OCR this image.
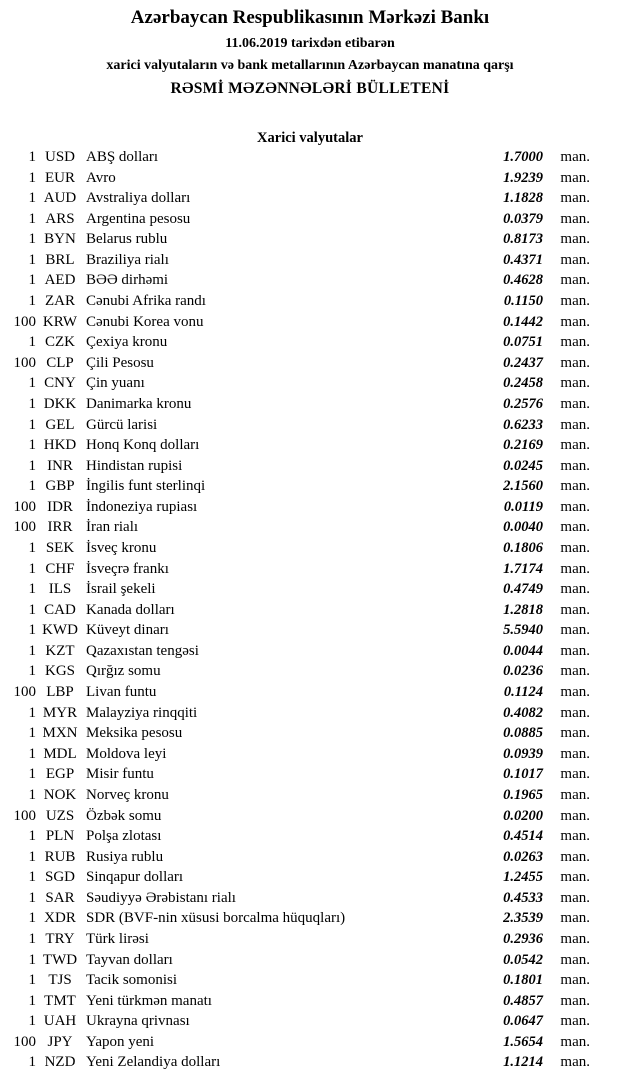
Azərbaycan Respublikasının Mərkəzi Bankı
11.06.2019 tarixdən etibarən
xarici valyutaların və bank metallarının Azərbaycan manatına qarşı
RƏSMİ MƏZƏNNƏLƏRİ BÜLLETENİ
Xarici valyutalar
1 USD ABŞ dolları	1.7000	man.
1 EUR Avro	1.9239	man.
1 AUD Avstraliya dolları	1.1828	man.
1 ARS Argentina pesosu	0.0379	man.
1 BYN Belarus rublu	0.8173	man.
1 BRL Braziliya rialı	0.4371	man.
1 AED BƏƏ dirhəmi	0.4628	man.
1 ZAR Cənubi Afrika randı	0.1150	man.
100 KRW Cənubi Korea vonu	0.1442	man.
1 CZK Çexiya kronu	0.0751	man.
100 CLP Çili Pesosu	0.2437	man.
1 CNY Çin yuanı	0.2458	man.
1 DKK Danimarka kronu	0.2576	man.
1 GEL Gürcü larisi	0.6233	man.
1 HKD Honq Konq dolları	0.2169	man.
1 INR Hindistan rupisi	0.0245	man.
1 GBP İngilis funt sterlinqi	2.1560	man.
100 IDR İndoneziya rupiası	0.0119	man.
100 IRR İran rialı	0.0040	man.
1 SEK İsveç kronu	0.1806	man.
1 CHF İsveçrə frankı	1.7174	man.
1 ILS İsrail şekeli	0.4749	man.
1 CAD Kanada dolları	1.2818	man.
1 KWD Küveyt dinarı	5.5940	man.
1 KZT Qazaxıstan tengəsi	0.0044	man.
1 KGS Qırğız somu	0.0236	man.
100 LBP Livan funtu	0.1124	man.
1 MYR Malayziya rinqqiti	0.4082	man.
1 MXN Meksika pesosu	0.0885	man.
1 MDL Moldova leyi	0.0939	man.
1 EGP Misir funtu	0.1017	man.
1 NOK Norveç kronu	0.1965	man.
100 UZS Özbək somu	0.0200	man.
1 PLN Polşa zlotası	0.4514	man.
1 RUB Rusiya rublu	0.0263	man.
1 SGD Sinqapur dolları	1.2455	man.
1 SAR Səudiyyə Ərəbistanı rialı	0.4533	man.
1 XDR SDR (BVF-nin xüsusi borcalma hüquqları)	2.3539	man.
1 TRY Türk lirəsi	0.2936	man.
1 TWD Tayvan dolları	0.0542	man.
1 TJS Tacik somonisi	0.1801	man.
1 TMT Yeni türkmən manatı	0.4857	man.
1 UAH Ukrayna qrivnası	0.0647	man.
100 JPY Yapon yeni	1.5654	man.
1 NZD Yeni Zelandiya dolları	1.1214	man.
